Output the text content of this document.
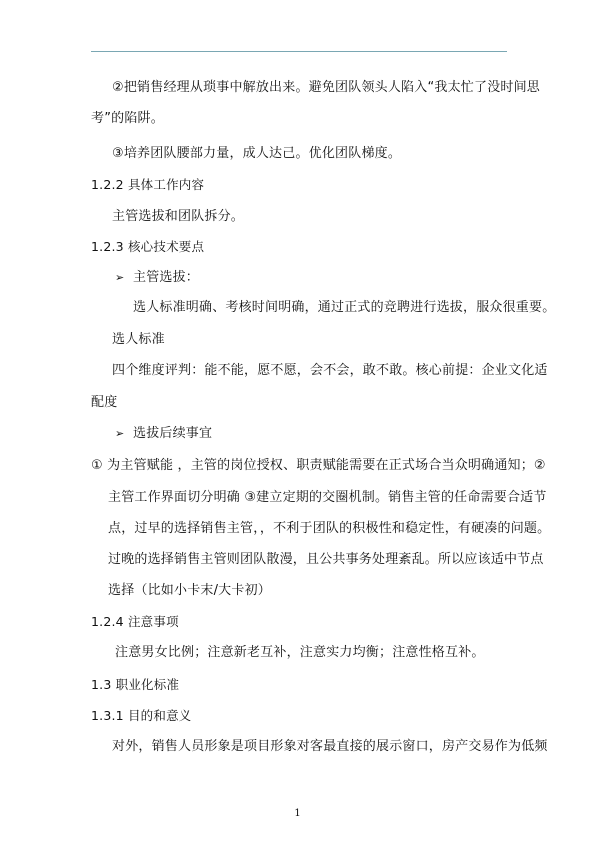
②把销售经理从琐事中解放出来。避免团队领头人陷入“我太忙了没时间思
考”的陷阱。
③培养团队腰部力量，成人达己。优化团队梯度。
1.2.2 具体工作内容
主管选拔和团队拆分。
1.2.3 核心技术要点
➢ 主管选拔：
选人标准明确、考核时间明确，通过正式的竞聘进行选拔，服众很重要。
选人标准
四个维度评判：能不能，愿不愿，会不会，敢不敢。核心前提：企业文化适
配度
➢ 选拔后续事宜
① 为主管赋能 ，主管的岗位授权、职责赋能需要在正式场合当众明确通知；②
主管工作界面切分明确 ③建立定期的交圈机制。销售主管的任命需要合适节
点，过早的选择销售主管，，不利于团队的积极性和稳定性，有硬凑的问题。
过晚的选择销售主管则团队散漫，且公共事务处理紊乱。所以应该适中节点
选择（比如小卡末/大卡初）
1.2.4 注意事项
注意男女比例；注意新老互补，注意实力均衡；注意性格互补。
1.3 职业化标准
1.3.1 目的和意义
对外，销售人员形象是项目形象对客最直接的展示窗口，房产交易作为低频
1
